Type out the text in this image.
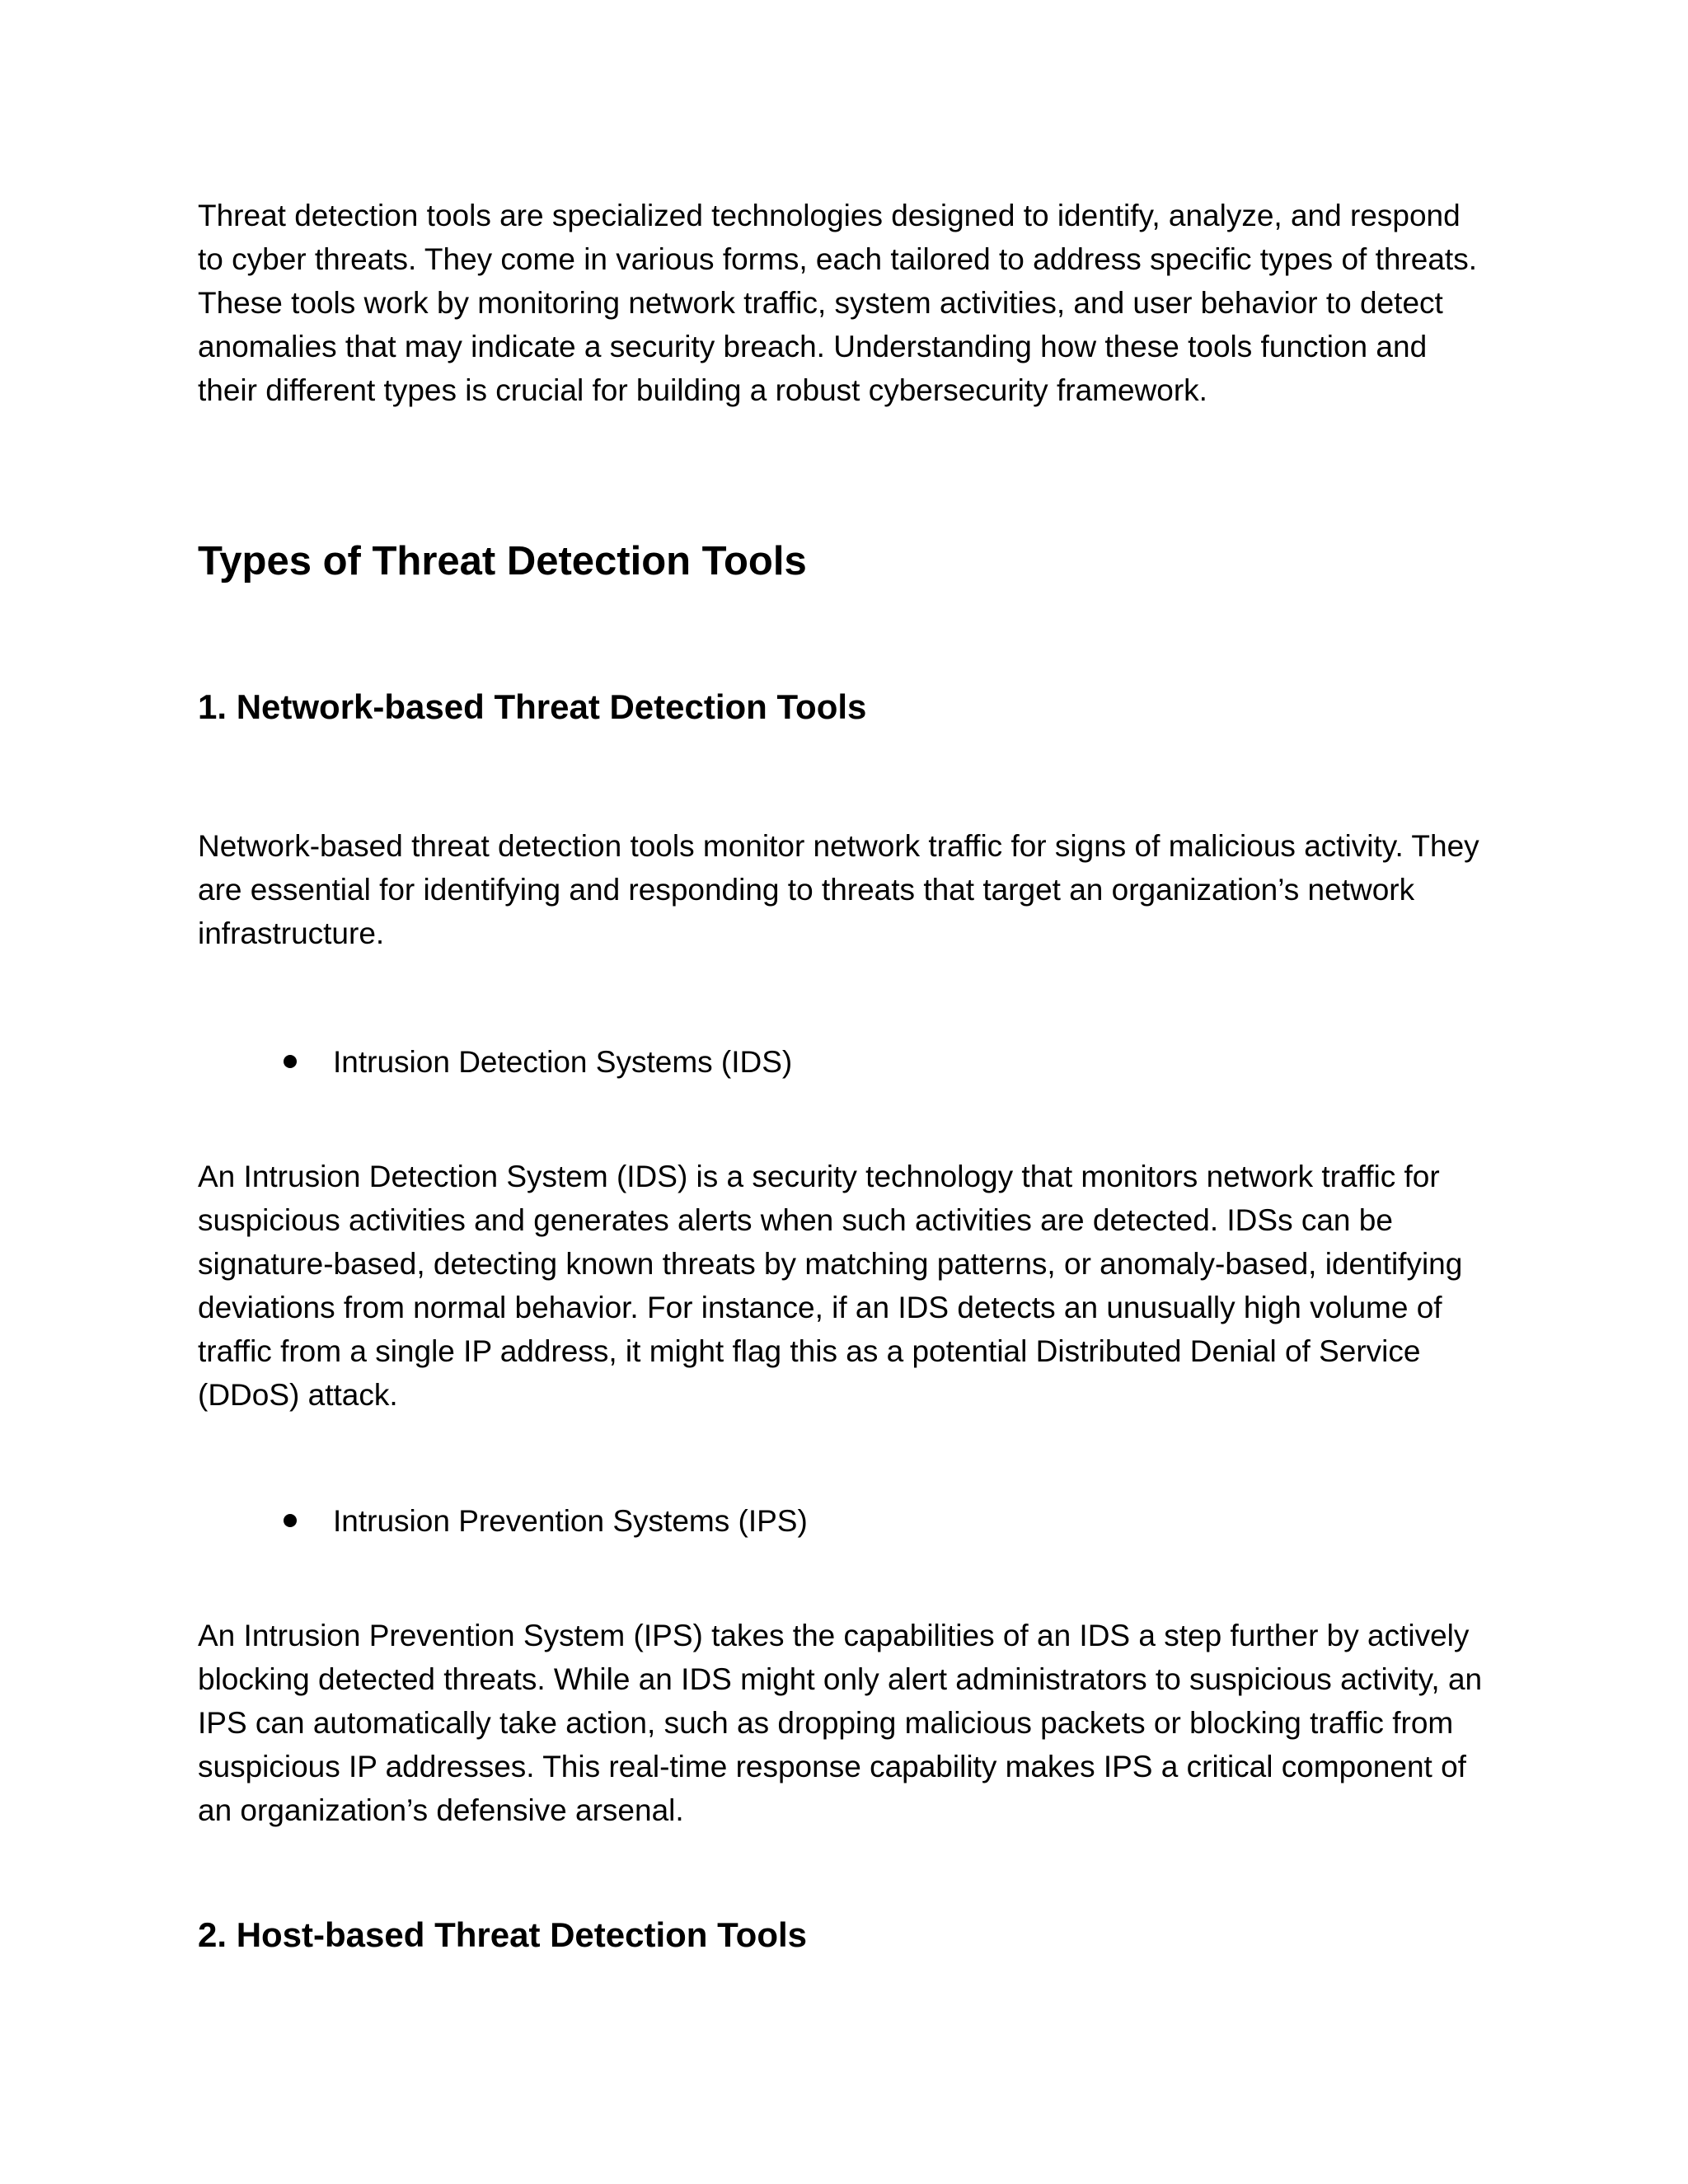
Threat detection tools are specialized technologies designed to identify, analyze, and respond to cyber threats. They come in various forms, each tailored to address specific types of threats. These tools work by monitoring network traffic, system activities, and user behavior to detect anomalies that may indicate a security breach. Understanding how these tools function and their different types is crucial for building a robust cybersecurity framework.

Types of Threat Detection Tools
1. Network-based Threat Detection Tools

Network-based threat detection tools monitor network traffic for signs of malicious activity. They are essential for identifying and responding to threats that target an organization’s network infrastructure.

Intrusion Detection Systems (IDS)

An Intrusion Detection System (IDS) is a security technology that monitors network traffic for suspicious activities and generates alerts when such activities are detected. IDSs can be signature-based, detecting known threats by matching patterns, or anomaly-based, identifying deviations from normal behavior. For instance, if an IDS detects an unusually high volume of traffic from a single IP address, it might flag this as a potential Distributed Denial of Service (DDoS) attack.

Intrusion Prevention Systems (IPS)

An Intrusion Prevention System (IPS) takes the capabilities of an IDS a step further by actively blocking detected threats. While an IDS might only alert administrators to suspicious activity, an IPS can automatically take action, such as dropping malicious packets or blocking traffic from suspicious IP addresses. This real-time response capability makes IPS a critical component of an organization’s defensive arsenal.

2. Host-based Threat Detection Tools
